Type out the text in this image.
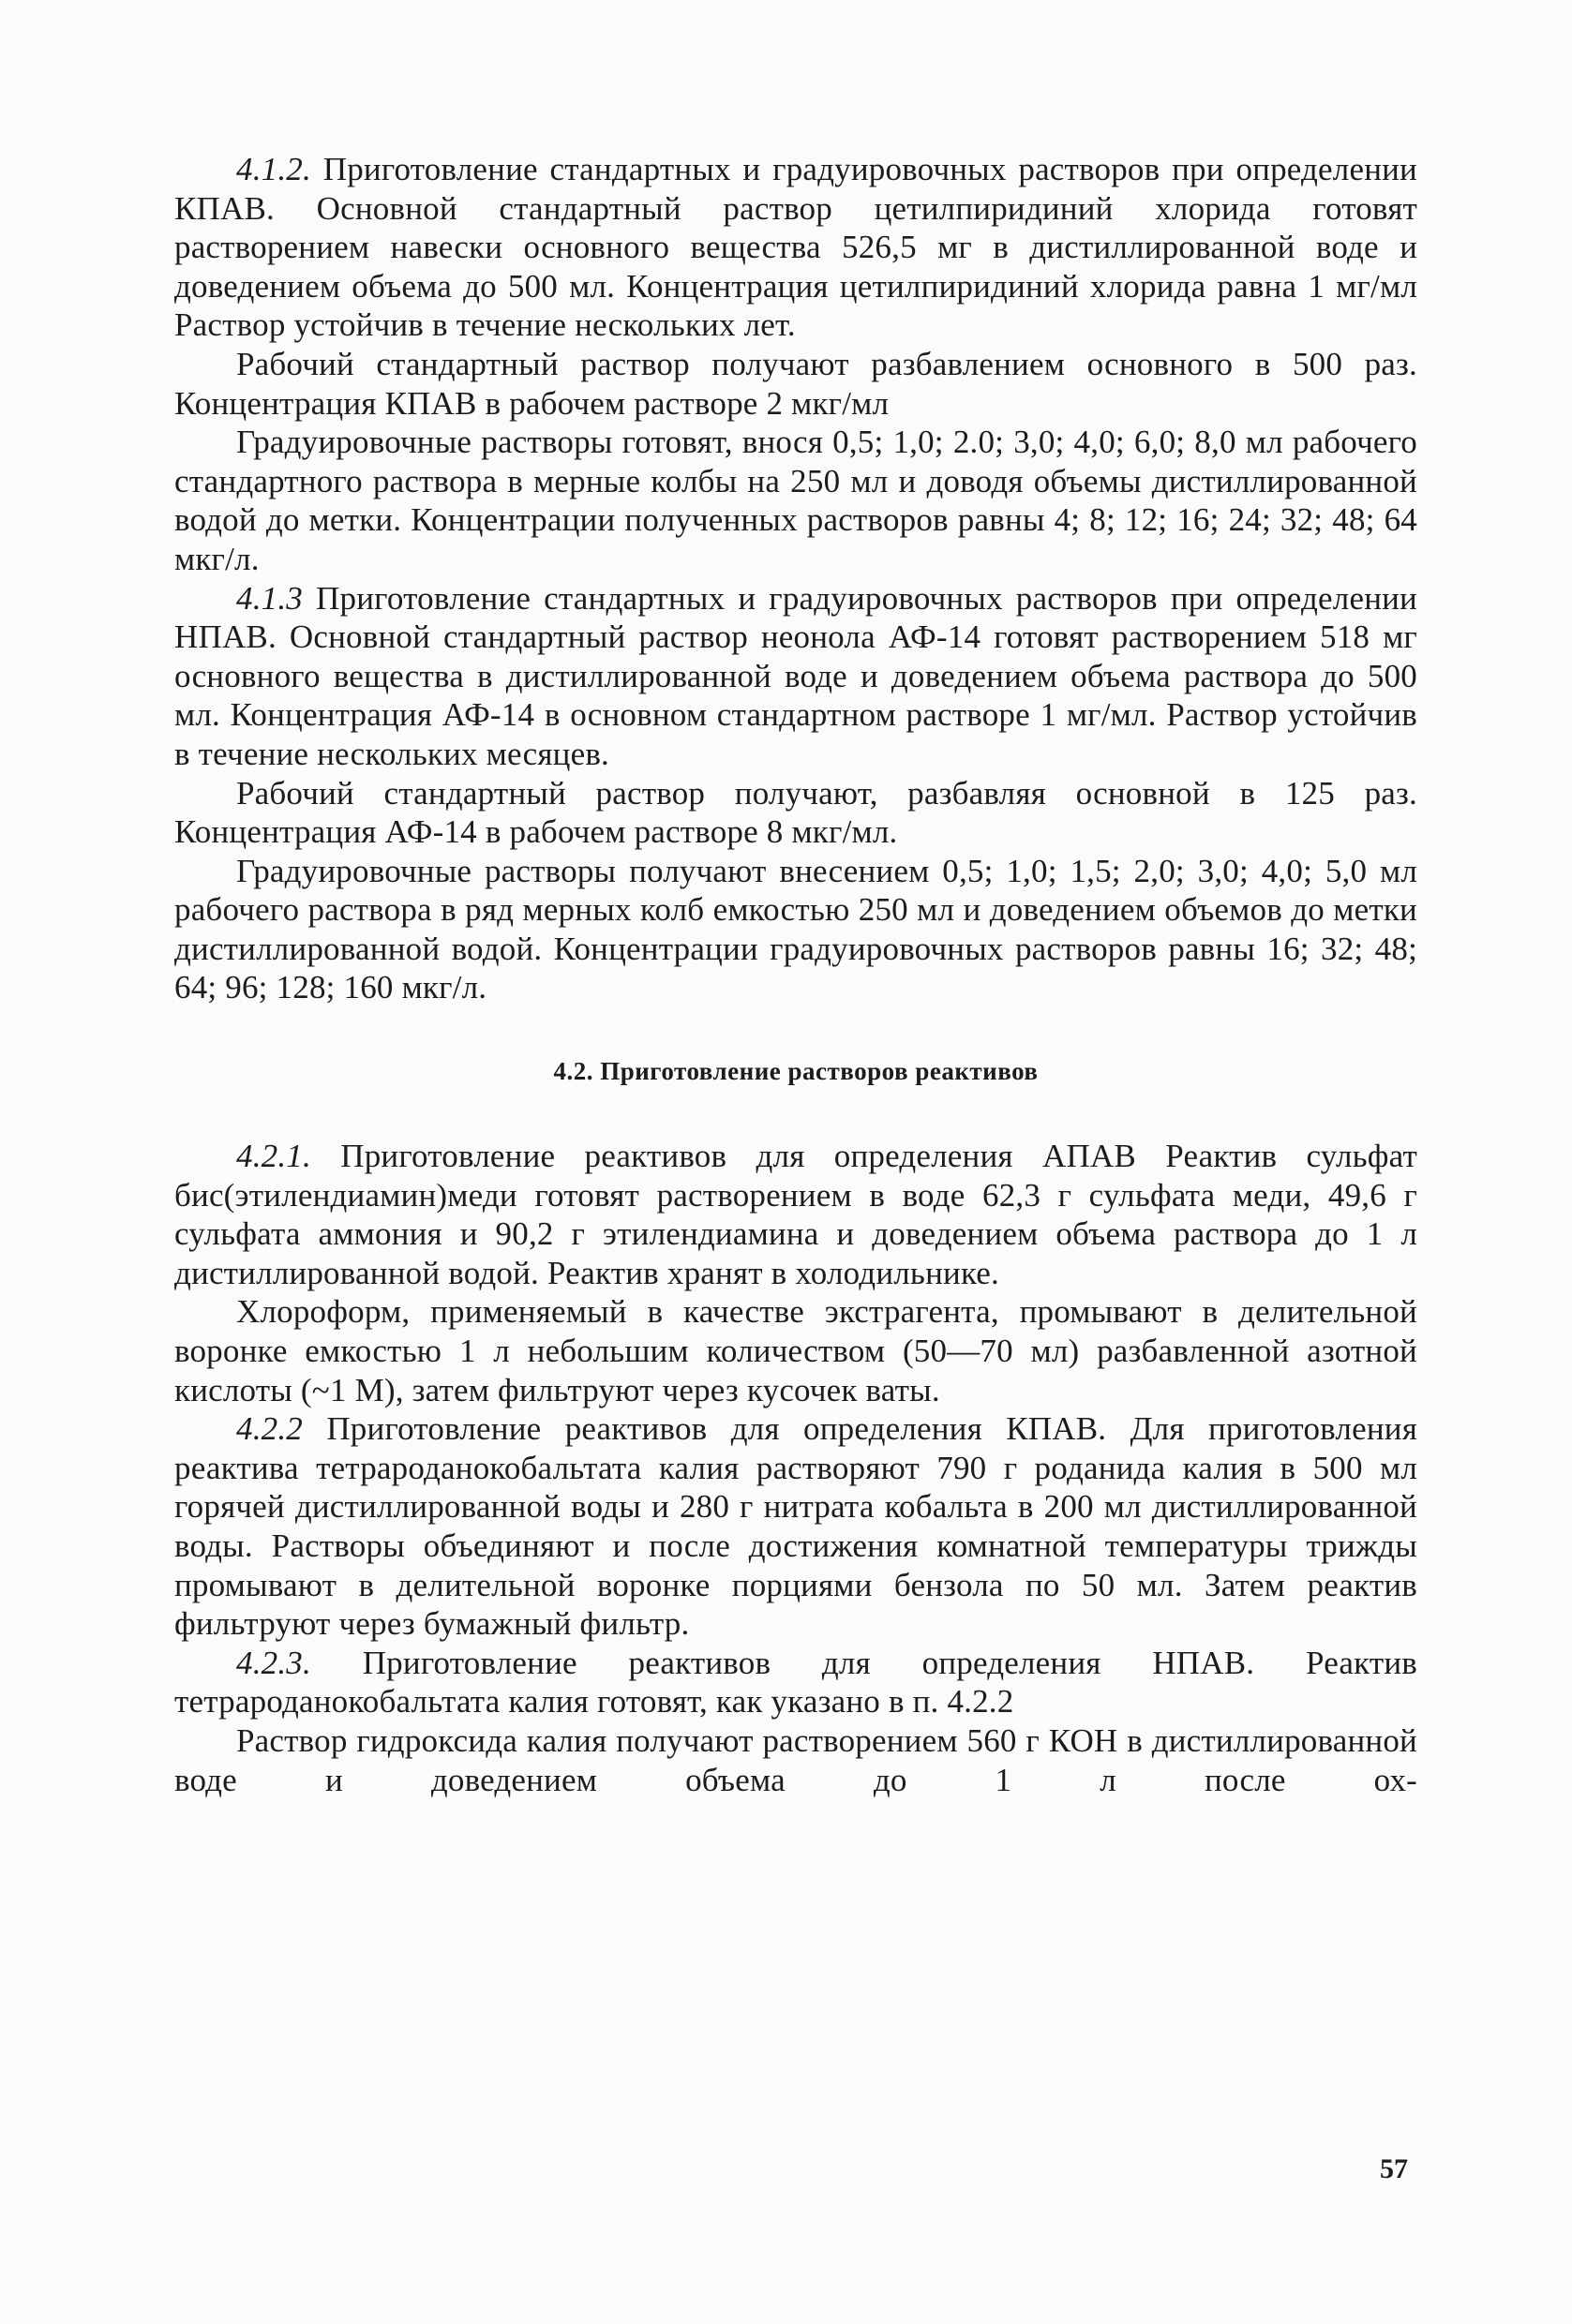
4.1.2. Приготовление стандартных и градуировочных растворов при определении КПАВ. Основной стандартный раствор цетилпиридиний хлорида готовят растворением навески основного вещества 526,5 мг в дистиллированной воде и доведением объема до 500 мл. Концентрация цетилпиридиний хлорида равна 1 мг/мл Раствор устойчив в течение нескольких лет.

Рабочий стандартный раствор получают разбавлением основного в 500 раз. Концентрация КПАВ в рабочем растворе 2 мкг/мл

Градуировочные растворы готовят, внося 0,5; 1,0; 2.0; 3,0; 4,0; 6,0; 8,0 мл рабочего стандартного раствора в мерные колбы на 250 мл и доводя объемы дистиллированной водой до метки. Концентрации полученных растворов равны 4; 8; 12; 16; 24; 32; 48; 64 мкг/л.

4.1.3 Приготовление стандартных и градуировочных растворов при определении НПАВ. Основной стандартный раствор неонола АФ-14 готовят растворением 518 мг основного вещества в дистиллированной воде и доведением объема раствора до 500 мл. Концентрация АФ-14 в основном стандартном растворе 1 мг/мл. Раствор устойчив в течение нескольких месяцев.

Рабочий стандартный раствор получают, разбавляя основной в 125 раз. Концентрация АФ-14 в рабочем растворе 8 мкг/мл.

Градуировочные растворы получают внесением 0,5; 1,0; 1,5; 2,0; 3,0; 4,0; 5,0 мл рабочего раствора в ряд мерных колб емкостью 250 мл и доведением объемов до метки дистиллированной водой. Концентрации градуировочных растворов равны 16; 32; 48; 64; 96; 128; 160 мкг/л.

4.2. Приготовление растворов реактивов

4.2.1. Приготовление реактивов для определения АПАВ Реактив сульфат бис(этилендиамин)меди готовят растворением в воде 62,3 г сульфата меди, 49,6 г сульфата аммония и 90,2 г этилендиамина и доведением объема раствора до 1 л дистиллированной водой. Реактив хранят в холодильнике.

Хлороформ, применяемый в качестве экстрагента, промывают в делительной воронке емкостью 1 л небольшим количеством (50—70 мл) разбавленной азотной кислоты (~1 М), затем фильтруют через кусочек ваты.

4.2.2 Приготовление реактивов для определения КПАВ. Для приготовления реактива тетрароданокобальтата калия растворяют 790 г роданида калия в 500 мл горячей дистиллированной воды и 280 г нитрата кобальта в 200 мл дистиллированной воды. Растворы объединяют и после достижения комнатной температуры трижды промывают в делительной воронке порциями бензола по 50 мл. Затем реактив фильтруют через бумажный фильтр.

4.2.3. Приготовление реактивов для определения НПАВ. Реактив тетрароданокобальтата калия готовят, как указано в п. 4.2.2

Раствор гидроксида калия получают растворением 560 г КОН в дистиллированной воде и доведением объема до 1 л после ох-

57
